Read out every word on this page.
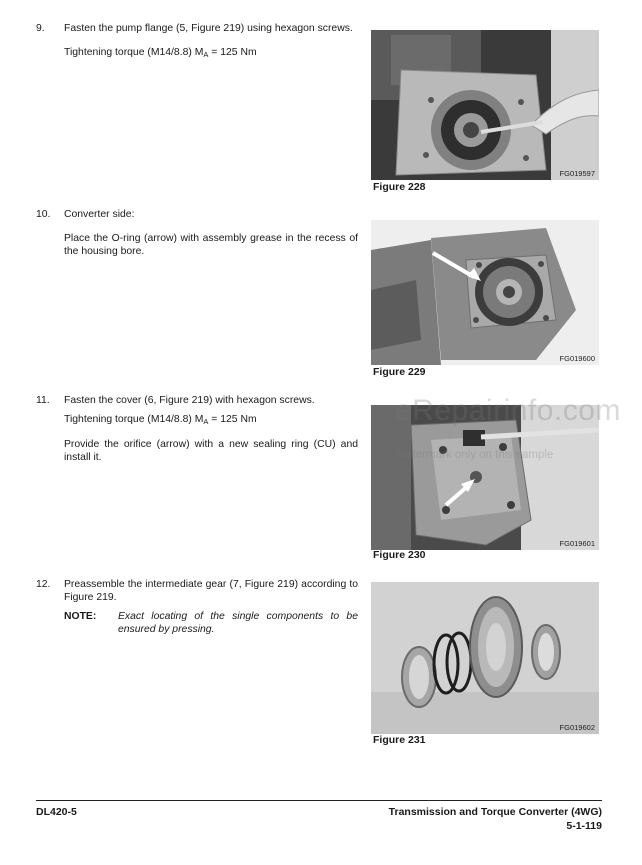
9.	Fasten the pump flange (5, Figure 219) using hexagon screws.

Tightening torque (M14/8.8) $M_A = 125$ Nm

10.	Converter side:

Place the O-ring (arrow) with assembly grease in the recess of the housing bore.

11.	Fasten the cover (6, Figure 219) with hexagon screws.

Tightening torque (M14/8.8) $M_A = 125$ Nm

Provide the orifice (arrow) with a new sealing ring (CU) and install it.

12.	Preassemble the intermediate gear (7, Figure 219) according to Figure 219.

NOTE:	Exact locating of the single components to be ensured by pressing.
FG019597
Figure 228
FG019600
Figure 229
FG019601
Figure 230
FG019602
Figure 231
eRepairinfo.com
watermark only on this sample
DL420-5	Transmission and Torque Converter (4WG)
5-1-119
